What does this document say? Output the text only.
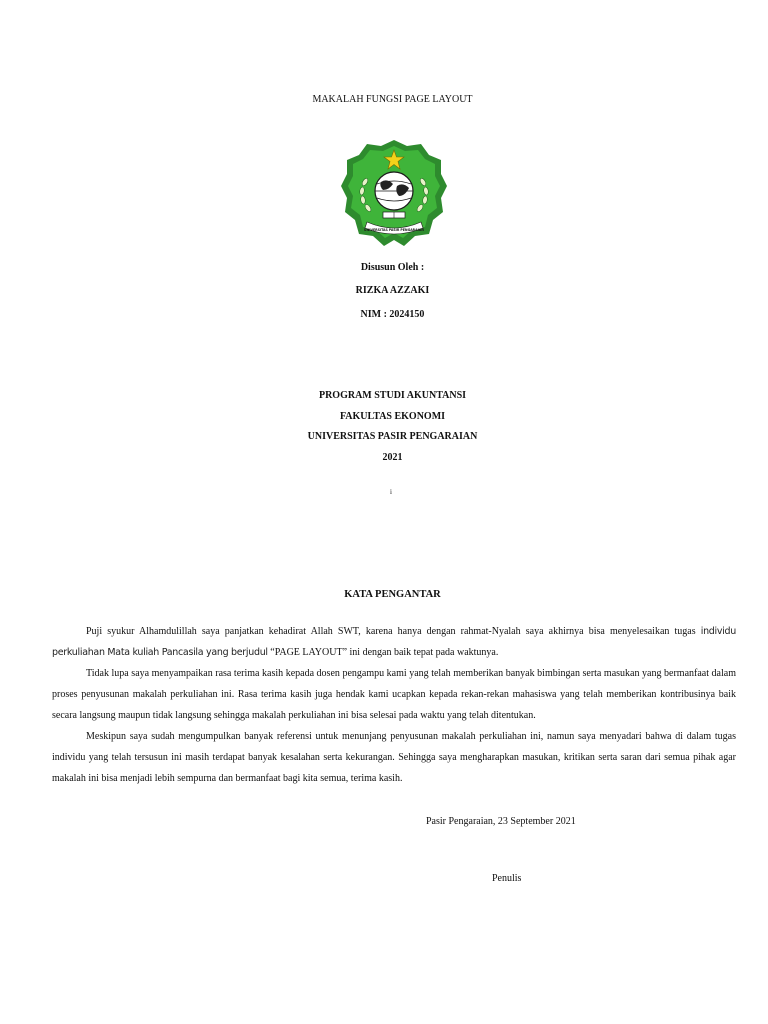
MAKALAH FUNGSI PAGE LAYOUT
UNIVERSITAS PASIR PENGARAIAN
Disusun Oleh :
RIZKA AZZAKI
NIM : 2024150
PROGRAM STUDI AKUNTANSI
FAKULTAS EKONOMI
UNIVERSITAS PASIR PENGARAIAN
2021
i
KATA PENGANTAR
Puji syukur Alhamdulillah saya panjatkan kehadirat Allah SWT, karena hanya dengan rahmat-Nyalah saya akhirnya bisa menyelesaikan tugas individu perkuliahan Mata kuliah Pancasila yang berjudul “PAGE LAYOUT” ini dengan baik tepat pada waktunya.
Tidak lupa saya menyampaikan rasa terima kasih kepada dosen pengampu kami yang telah memberikan banyak bimbingan serta masukan yang bermanfaat dalam proses penyusunan makalah perkuliahan ini. Rasa terima kasih juga hendak kami ucapkan kepada rekan-rekan mahasiswa yang telah memberikan kontribusinya baik secara langsung maupun tidak langsung sehingga makalah perkuliahan ini bisa selesai pada waktu yang telah ditentukan.
Meskipun saya sudah mengumpulkan banyak referensi untuk menunjang penyusunan makalah perkuliahan ini, namun saya menyadari bahwa di dalam tugas individu yang telah tersusun ini masih terdapat banyak kesalahan serta kekurangan. Sehingga saya mengharapkan masukan, kritikan serta saran dari semua pihak agar makalah ini bisa menjadi lebih sempurna dan bermanfaat bagi kita semua, terima kasih.
Pasir Pengaraian, 23 September 2021
Penulis
